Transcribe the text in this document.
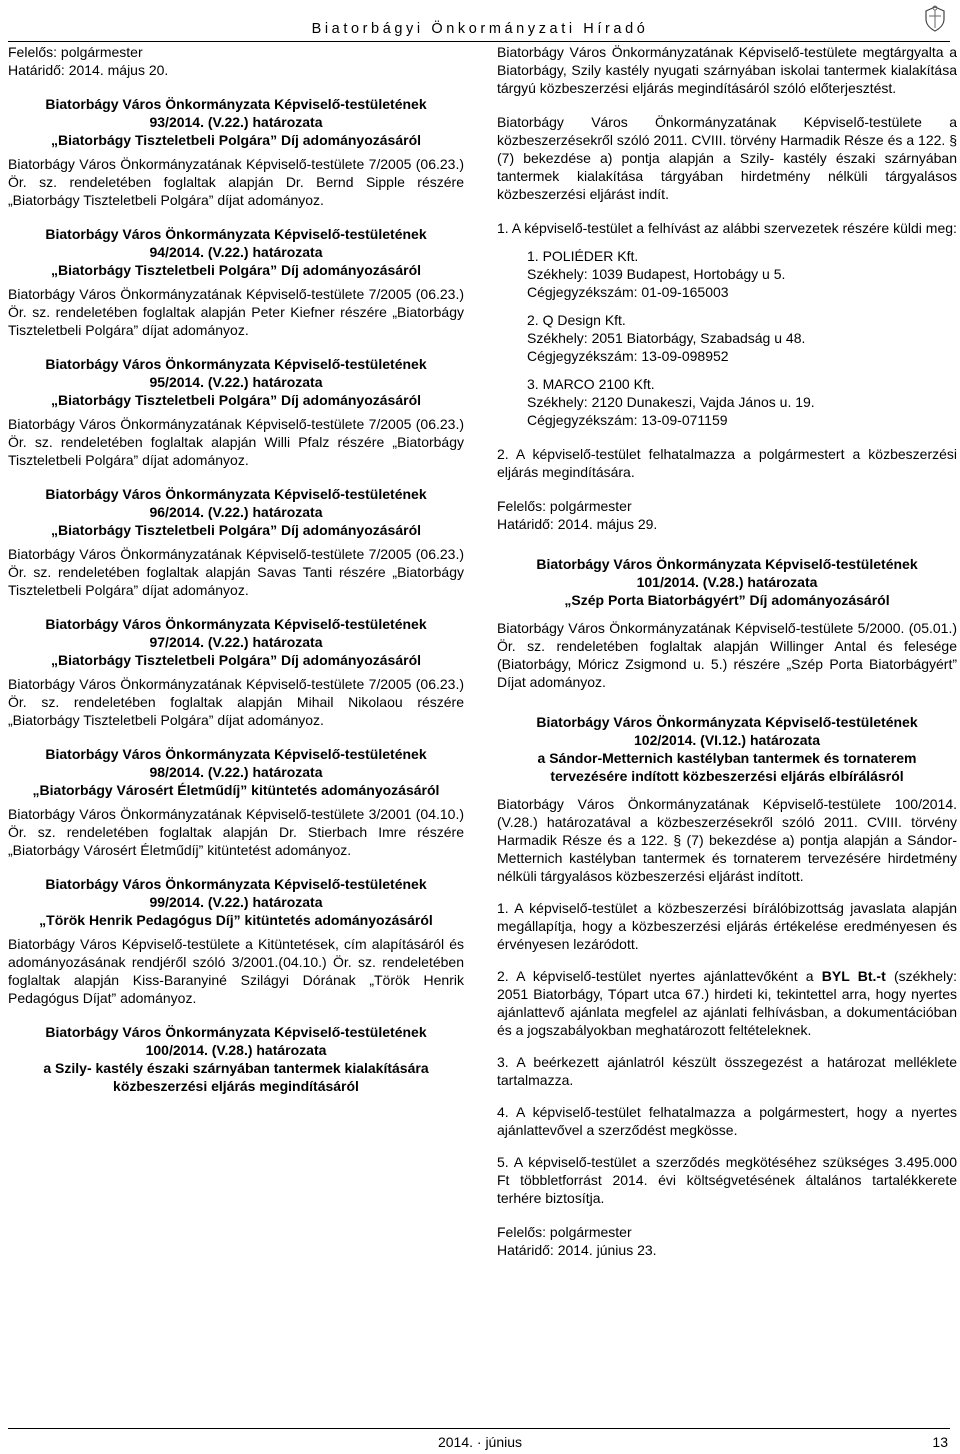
Biatorbágyi Önkormányzati Híradó
Felelős: polgármester
Határidő: 2014. május 20.
Biatorbágy Város Önkormányzata Képviselő-testületének
93/2014. (V.22.) határozata
„Biatorbágy Tiszteletbeli Polgára” Díj adományozásáról
Biatorbágy Város Önkormányzatának Képviselő-testülete 7/2005 (06.23.) Ör. sz. rendeletében foglaltak alapján Dr. Bernd Sipple részére „Biatorbágy Tiszteletbeli Polgára” díjat adományoz.
Biatorbágy Város Önkormányzata Képviselő-testületének
94/2014. (V.22.) határozata
„Biatorbágy Tiszteletbeli Polgára” Díj adományozásáról
Biatorbágy Város Önkormányzatának Képviselő-testülete 7/2005 (06.23.) Ör. sz. rendeletében foglaltak alapján Peter Kiefner részére „Biatorbágy Tiszteletbeli Polgára” díjat adományoz.
Biatorbágy Város Önkormányzata Képviselő-testületének
95/2014. (V.22.) határozata
„Biatorbágy Tiszteletbeli Polgára” Díj adományozásáról
Biatorbágy Város Önkormányzatának Képviselő-testülete 7/2005 (06.23.) Ör. sz. rendeletében foglaltak alapján Willi Pfalz részére „Biatorbágy Tiszteletbeli Polgára” díjat adományoz.
Biatorbágy Város Önkormányzata Képviselő-testületének
96/2014. (V.22.) határozata
„Biatorbágy Tiszteletbeli Polgára” Díj adományozásáról
Biatorbágy Város Önkormányzatának Képviselő-testülete 7/2005 (06.23.) Ör. sz. rendeletében foglaltak alapján Savas Tanti részére „Biatorbágy Tiszteletbeli Polgára” díjat adományoz.
Biatorbágy Város Önkormányzata Képviselő-testületének
97/2014. (V.22.) határozata
„Biatorbágy Tiszteletbeli Polgára” Díj adományozásáról
Biatorbágy Város Önkormányzatának Képviselő-testülete 7/2005 (06.23.) Ör. sz. rendeletében foglaltak alapján Mihail Nikolaou részére „Biatorbágy Tiszteletbeli Polgára” díjat adományoz.
Biatorbágy Város Önkormányzata Képviselő-testületének
98/2014. (V.22.) határozata
„Biatorbágy Városért Életműdíj” kitüntetés adományozásáról
Biatorbágy Város Önkormányzatának Képviselő-testülete 3/2001 (04.10.) Ör. sz. rendeletében foglaltak alapján Dr. Stierbach Imre részére „Biatorbágy Városért Életműdíj” kitüntetést adományoz.
Biatorbágy Város Önkormányzata Képviselő-testületének
99/2014. (V.22.) határozata
„Török Henrik Pedagógus Díj” kitüntetés adományozásáról
Biatorbágy Város Képviselő-testülete a Kitüntetések, cím alapításáról és adományozásának rendjéről szóló 3/2001.(04.10.) Ör. sz. rendeletében foglaltak alapján Kiss-Baranyiné Szilágyi Dórának „Török Henrik Pedagógus Díjat” adományoz.
Biatorbágy Város Önkormányzata Képviselő-testületének
100/2014. (V.28.) határozata
a Szily- kastély északi szárnyában tantermek kialakítására
közbeszerzési eljárás megindításáról
Biatorbágy Város Önkormányzatának Képviselő-testülete megtárgyalta a Biatorbágy, Szily kastély nyugati szárnyában iskolai tantermek kialakítása tárgyú közbeszerzési eljárás megindításáról szóló előterjesztést.
Biatorbágy Város Önkormányzatának Képviselő-testülete a közbeszerzésekről szóló 2011. CVIII. törvény Harmadik Része és a 122. § (7) bekezdése a) pontja alapján a Szily- kastély északi szárnyában tantermek kialakítása tárgyában hirdetmény nélküli tárgyalásos közbeszerzési eljárást indít.
1. A képviselő-testület a felhívást az alábbi szervezetek részére küldi meg:
1. POLIÉDER Kft.
Székhely: 1039 Budapest, Hortobágy u 5.
Cégjegyzékszám: 01-09-165003
2. Q Design Kft.
Székhely: 2051 Biatorbágy, Szabadság u 48.
Cégjegyzékszám: 13-09-098952
3. MARCO 2100 Kft.
Székhely: 2120 Dunakeszi, Vajda János u. 19.
Cégjegyzékszám: 13-09-071159
2. A képviselő-testület felhatalmazza a polgármestert a közbeszerzési eljárás megindítására.
Felelős: polgármester
Határidő: 2014. május 29.
Biatorbágy Város Önkormányzata Képviselő-testületének
101/2014. (V.28.) határozata
„Szép Porta Biatorbágyért” Díj adományozásáról
Biatorbágy Város Önkormányzatának Képviselő-testülete 5/2000. (05.01.) Ör. sz. rendeletében foglaltak alapján Willinger Antal és felesége (Biatorbágy, Móricz Zsigmond u. 5.) részére „Szép Porta Biatorbágyért” Díjat adományoz.
Biatorbágy Város Önkormányzata Képviselő-testületének
102/2014. (VI.12.) határozata
a Sándor-Metternich kastélyban tantermek és tornaterem
tervezésére indított közbeszerzési eljárás elbírálásról
Biatorbágy Város Önkormányzatának Képviselő-testülete 100/2014. (V.28.) határozatával a közbeszerzésekről szóló 2011. CVIII. törvény Harmadik Része és a 122. § (7) bekezdése a) pontja alapján a Sándor-Metternich kastélyban tantermek és tornaterem tervezésére hirdetmény nélküli tárgyalásos közbeszerzési eljárást indított.
1. A képviselő-testület a közbeszerzési bírálóbizottság javaslata alapján megállapítja, hogy a közbeszerzési eljárás értékelése eredményesen és érvényesen lezáródott.
2. A képviselő-testület nyertes ajánlattevőként a BYL Bt.-t (székhely: 2051 Biatorbágy, Tópart utca 67.) hirdeti ki, tekintettel arra, hogy nyertes ajánlattevő ajánlata megfelel az ajánlati felhívásban, a dokumentációban és a jogszabályokban meghatározott feltételeknek.
3. A beérkezett ajánlatról készült összegezést a határozat melléklete tartalmazza.
4. A képviselő-testület felhatalmazza a polgármestert, hogy a nyertes ajánlattevővel a szerződést megkösse.
5. A képviselő-testület a szerződés megkötéséhez szükséges 3.495.000 Ft többletforrást 2014. évi költségvetésének általános tartalékkerete terhére biztosítja.
Felelős: polgármester
Határidő: 2014. június 23.
2014. · június	13
